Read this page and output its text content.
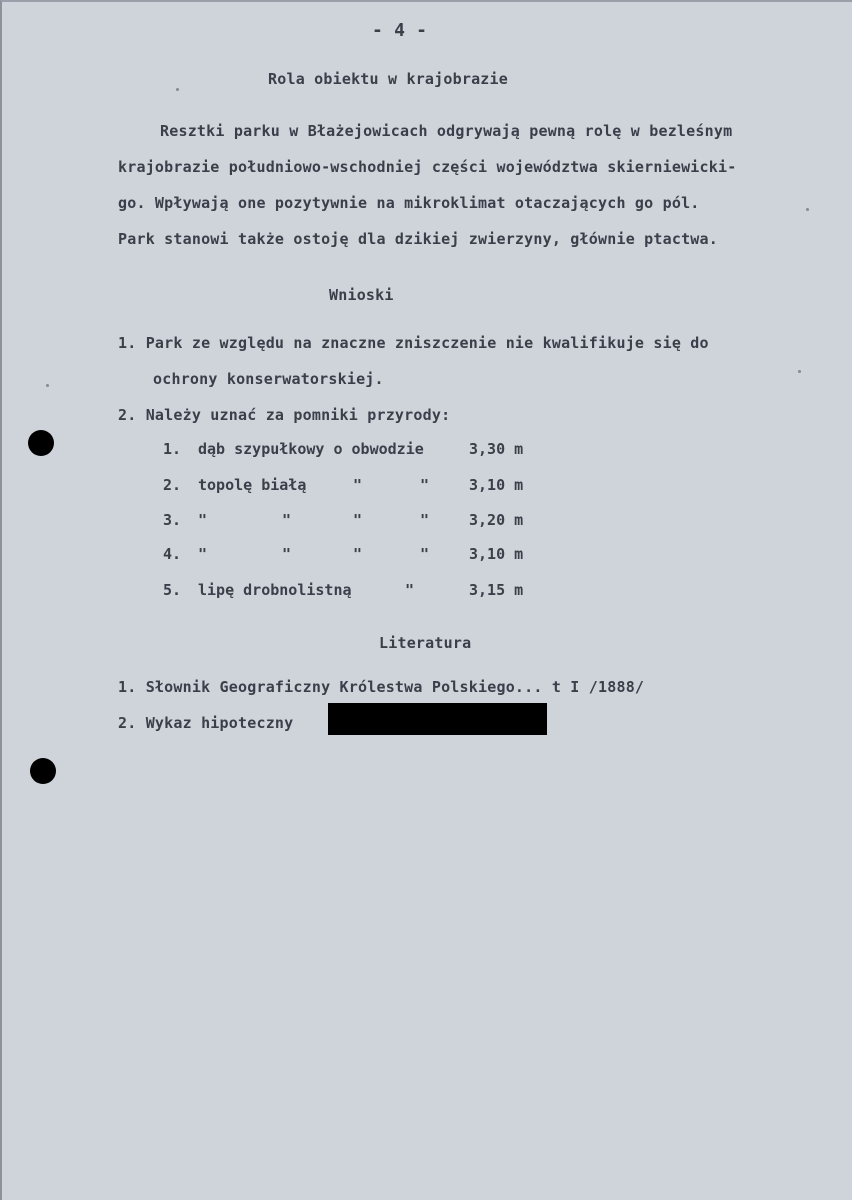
- 4 -
Rola obiektu w krajobrazie
Resztki parku w Błażejowicach odgrywają pewną rolę w bezleśnym
krajobrazie południowo-wschodniej części województwa skierniewicki-
go. Wpływają one pozytywnie na mikroklimat otaczających go pól.
Park stanowi także ostoję dla dzikiej zwierzyny, głównie ptactwa.
Wnioski
1. Park ze względu na znaczne zniszczenie nie kwalifikuje się do
ochrony konserwatorskiej.
2. Należy uznać za pomniki przyrody:
1. dąb szypułkowy o obwodzie	3,30 m
2. topolę białą	"	"	3,10 m
3. "	"	"	"	3,20 m
4. "	"	"	"	3,10 m
5. lipę drobnolistną	"	3,15 m
Literatura
1. Słownik Geograficzny Królestwa Polskiego... t I /1888/
2. Wykaz hipoteczny
